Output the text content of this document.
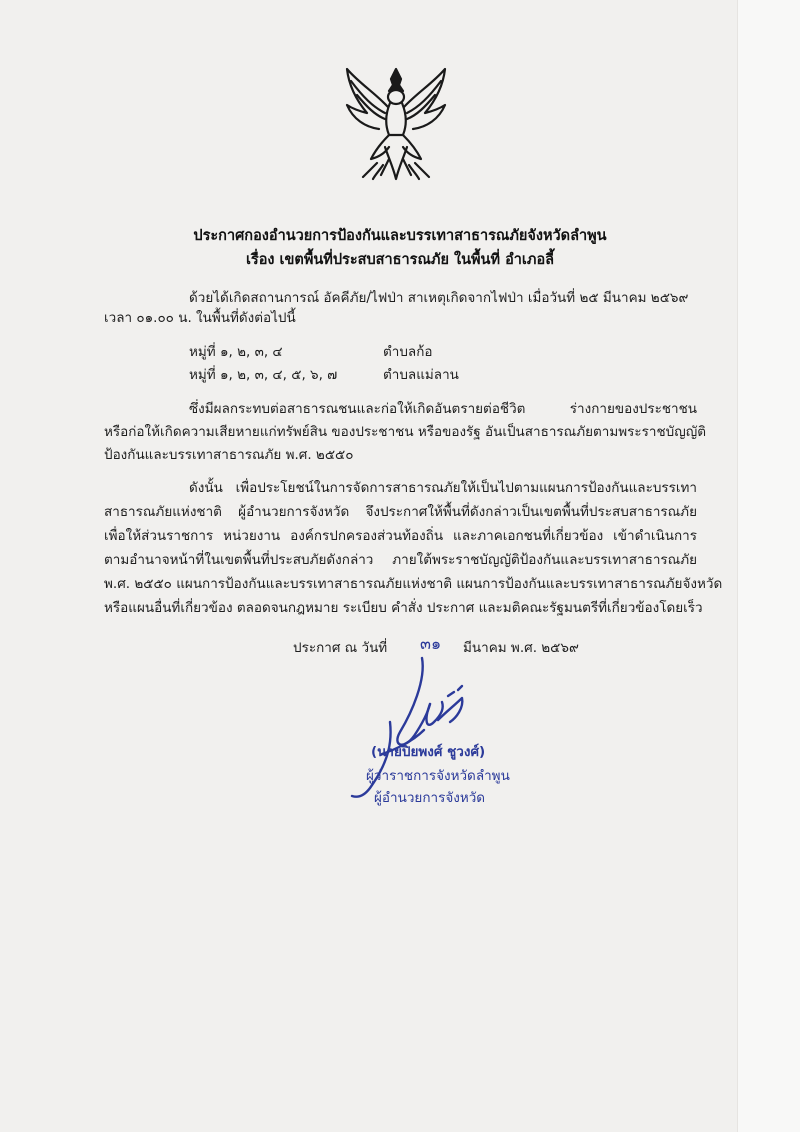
ประกาศกองอำนวยการป้องกันและบรรเทาสาธารณภัยจังหวัดลำพูน
เรื่อง เขตพื้นที่ประสบสาธารณภัย ในพื้นที่ อำเภอลี้
ด้วยได้เกิดสถานการณ์ อัคคีภัย/ไฟป่า สาเหตุเกิดจากไฟป่า เมื่อวันที่ ๒๕ มีนาคม ๒๕๖๙
เวลา ๐๑.๐๐ น. ในพื้นที่ดังต่อไปนี้
หมู่ที่ ๑, ๒, ๓, ๔	ตำบลก้อ
หมู่ที่ ๑, ๒, ๓, ๔, ๕, ๖, ๗	ตำบลแม่ลาน
ซึ่งมีผลกระทบต่อสาธารณชนและก่อให้เกิดอันตรายต่อชีวิต ร่างกายของประชาชน
หรือก่อให้เกิดความเสียหายแก่ทรัพย์สิน ของประชาชน หรือของรัฐ อันเป็นสาธารณภัยตามพระราชบัญญัติ
ป้องกันและบรรเทาสาธารณภัย พ.ศ. ๒๕๕๐
ดังนั้น เพื่อประโยชน์ในการจัดการสาธารณภัยให้เป็นไปตามแผนการป้องกันและบรรเทา
สาธารณภัยแห่งชาติ ผู้อำนวยการจังหวัด จึงประกาศให้พื้นที่ดังกล่าวเป็นเขตพื้นที่ประสบสาธารณภัย
เพื่อให้ส่วนราชการ หน่วยงาน องค์กรปกครองส่วนท้องถิ่น และภาคเอกชนที่เกี่ยวข้อง เข้าดำเนินการ
ตามอำนาจหน้าที่ในเขตพื้นที่ประสบภัยดังกล่าว ภายใต้พระราชบัญญัติป้องกันและบรรเทาสาธารณภัย
พ.ศ. ๒๕๕๐ แผนการป้องกันและบรรเทาสาธารณภัยแห่งชาติ แผนการป้องกันและบรรเทาสาธารณภัยจังหวัด
หรือแผนอื่นที่เกี่ยวข้อง ตลอดจนกฎหมาย ระเบียบ คำสั่ง ประกาศ และมติคณะรัฐมนตรีที่เกี่ยวข้องโดยเร็ว
ประกาศ ณ วันที่ ๓๑ มีนาคม พ.ศ. ๒๕๖๙
(นายปิยพงศ์ ชูวงศ์)
ผู้ว่าราชการจังหวัดลำพูน
ผู้อำนวยการจังหวัด
